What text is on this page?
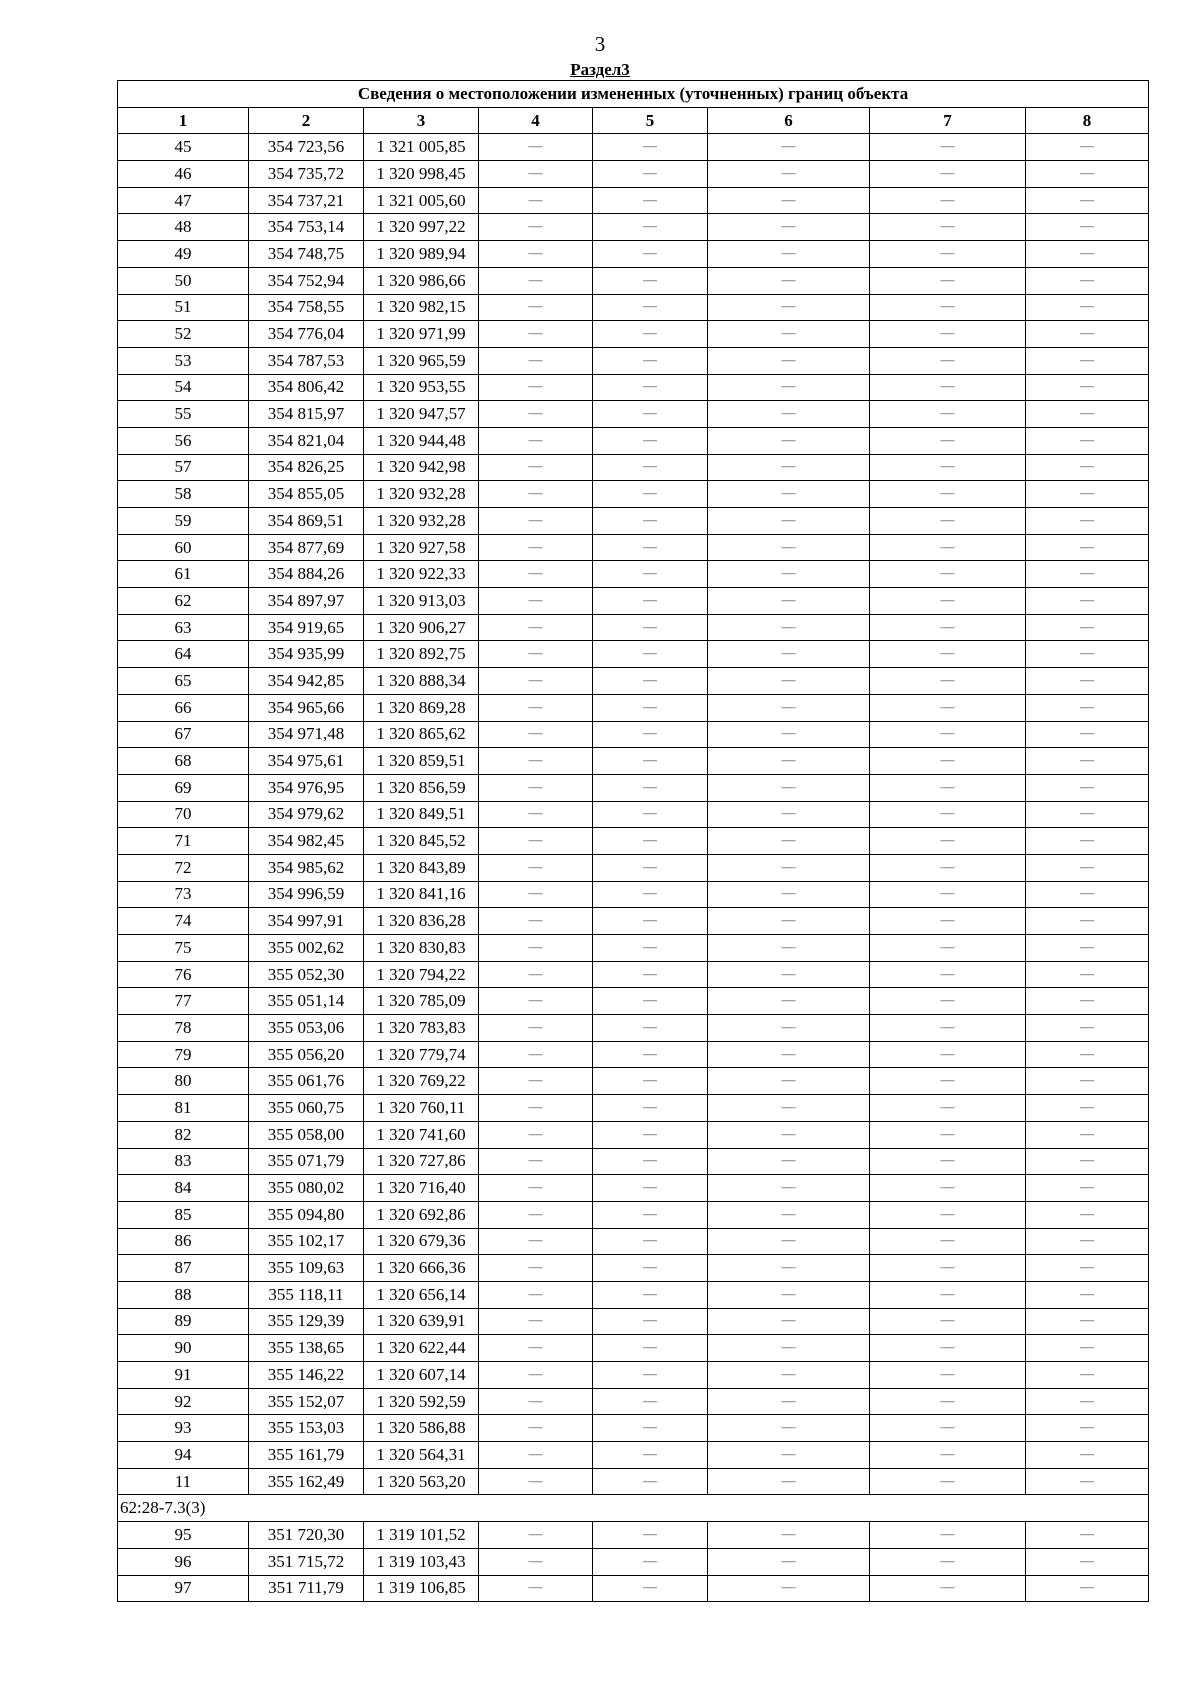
3
Раздел3
Сведения о местоположении измененных (уточненных) границ объекта							
1	2	3	4	5	6	7	8
45	354 723,56	1 321 005,85	—	—	—	—	—
46	354 735,72	1 320 998,45	—	—	—	—	—
47	354 737,21	1 321 005,60	—	—	—	—	—
48	354 753,14	1 320 997,22	—	—	—	—	—
49	354 748,75	1 320 989,94	—	—	—	—	—
50	354 752,94	1 320 986,66	—	—	—	—	—
51	354 758,55	1 320 982,15	—	—	—	—	—
52	354 776,04	1 320 971,99	—	—	—	—	—
53	354 787,53	1 320 965,59	—	—	—	—	—
54	354 806,42	1 320 953,55	—	—	—	—	—
55	354 815,97	1 320 947,57	—	—	—	—	—
56	354 821,04	1 320 944,48	—	—	—	—	—
57	354 826,25	1 320 942,98	—	—	—	—	—
58	354 855,05	1 320 932,28	—	—	—	—	—
59	354 869,51	1 320 932,28	—	—	—	—	—
60	354 877,69	1 320 927,58	—	—	—	—	—
61	354 884,26	1 320 922,33	—	—	—	—	—
62	354 897,97	1 320 913,03	—	—	—	—	—
63	354 919,65	1 320 906,27	—	—	—	—	—
64	354 935,99	1 320 892,75	—	—	—	—	—
65	354 942,85	1 320 888,34	—	—	—	—	—
66	354 965,66	1 320 869,28	—	—	—	—	—
67	354 971,48	1 320 865,62	—	—	—	—	—
68	354 975,61	1 320 859,51	—	—	—	—	—
69	354 976,95	1 320 856,59	—	—	—	—	—
70	354 979,62	1 320 849,51	—	—	—	—	—
71	354 982,45	1 320 845,52	—	—	—	—	—
72	354 985,62	1 320 843,89	—	—	—	—	—
73	354 996,59	1 320 841,16	—	—	—	—	—
74	354 997,91	1 320 836,28	—	—	—	—	—
75	355 002,62	1 320 830,83	—	—	—	—	—
76	355 052,30	1 320 794,22	—	—	—	—	—
77	355 051,14	1 320 785,09	—	—	—	—	—
78	355 053,06	1 320 783,83	—	—	—	—	—
79	355 056,20	1 320 779,74	—	—	—	—	—
80	355 061,76	1 320 769,22	—	—	—	—	—
81	355 060,75	1 320 760,11	—	—	—	—	—
82	355 058,00	1 320 741,60	—	—	—	—	—
83	355 071,79	1 320 727,86	—	—	—	—	—
84	355 080,02	1 320 716,40	—	—	—	—	—
85	355 094,80	1 320 692,86	—	—	—	—	—
86	355 102,17	1 320 679,36	—	—	—	—	—
87	355 109,63	1 320 666,36	—	—	—	—	—
88	355 118,11	1 320 656,14	—	—	—	—	—
89	355 129,39	1 320 639,91	—	—	—	—	—
90	355 138,65	1 320 622,44	—	—	—	—	—
91	355 146,22	1 320 607,14	—	—	—	—	—
92	355 152,07	1 320 592,59	—	—	—	—	—
93	355 153,03	1 320 586,88	—	—	—	—	—
94	355 161,79	1 320 564,31	—	—	—	—	—
11	355 162,49	1 320 563,20	—	—	—	—	—
62:28-7.3(3)							
95	351 720,30	1 319 101,52	—	—	—	—	—
96	351 715,72	1 319 103,43	—	—	—	—	—
97	351 711,79	1 319 106,85	—	—	—	—	—
